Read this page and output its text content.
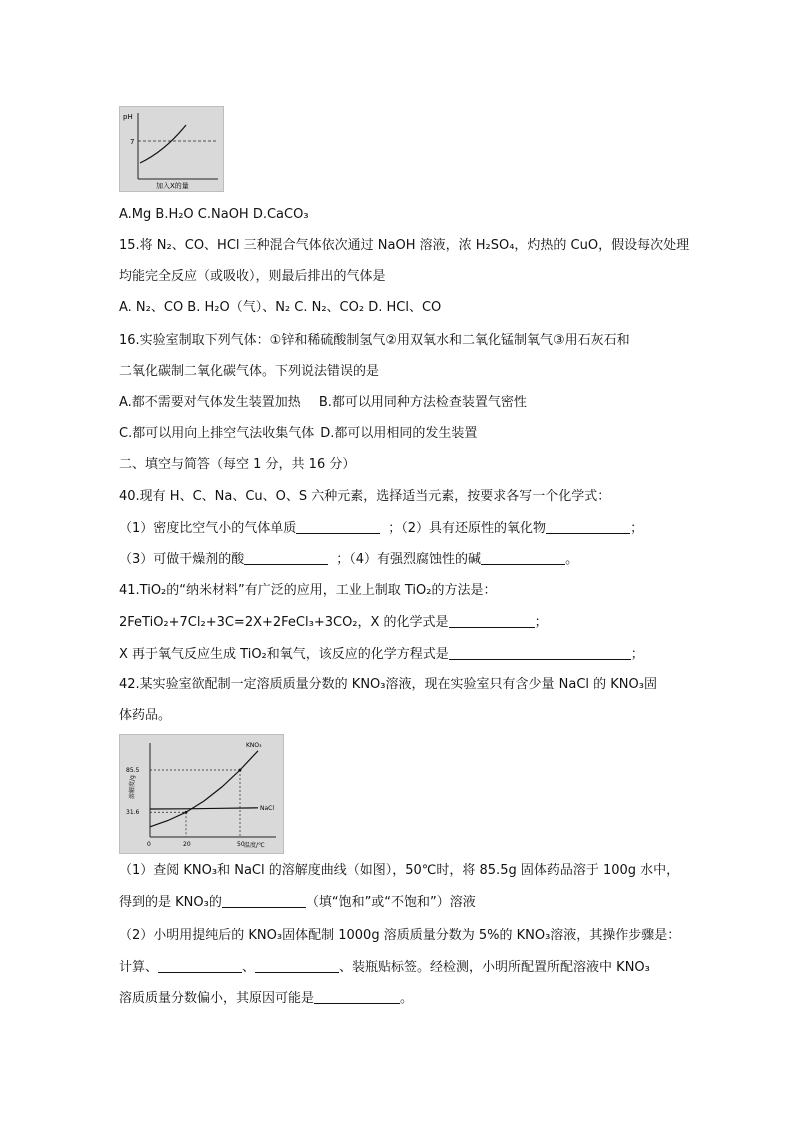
pH
7
加入X的量
A.Mg B.H₂O C.NaOH D.CaCO₃
15.将 N₂、CO、HCl 三种混合气体依次通过 NaOH 溶液，浓 H₂SO₄，灼热的 CuO，假设每次处理
均能完全反应（或吸收），则最后排出的气体是
A. N₂、CO B. H₂O（气）、N₂ C. N₂、CO₂ D. HCl、CO
16.实验室制取下列气体：①锌和稀硫酸制氢气②用双氧水和二氧化锰制氧气③用石灰石和
二氧化碳制二氧化碳气体。下列说法错误的是
A.都不需要对气体发生装置加热 B.都可以用同种方法检查装置气密性
C.都可以用向上排空气法收集气体 D.都可以用相同的发生装置
二、填空与简答（每空 1 分，共 16 分）
40.现有 H、C、Na、Cu、O、S 六种元素，选择适当元素，按要求各写一个化学式：
（1）密度比空气小的气体单质	；（2）具有还原性的氧化物	；
（3）可做干燥剂的酸	；（4）有强烈腐蚀性的碱	。
41.TiO₂的“纳米材料”有广泛的应用，工业上制取 TiO₂的方法是：
2FeTiO₂+7Cl₂+3C=2X+2FeCl₃+3CO₂，X 的化学式是	；
X 再于氧气反应生成 TiO₂和氧气，该反应的化学方程式是	；
42.某实验室欲配制一定溶质质量分数的 KNO₃溶液，现在实验室只有含少量 NaCl 的 KNO₃固
体药品。
KNO₃
NaCl
31.6
85.5
0	20	50 温度/℃
溶解度/g
（1）查阅 KNO₃和 NaCl 的溶解度曲线（如图），50℃时，将 85.5g 固体药品溶于 100g 水中，
得到的是 KNO₃的	（填“饱和”或“不饱和”）溶液
（2）小明用提纯后的 KNO₃固体配制 1000g 溶质质量分数为 5%的 KNO₃溶液，其操作步骤是：
计算、	、	、装瓶贴标签。经检测，小明所配置所配溶液中 KNO₃
溶质质量分数偏小，其原因可能是	。
